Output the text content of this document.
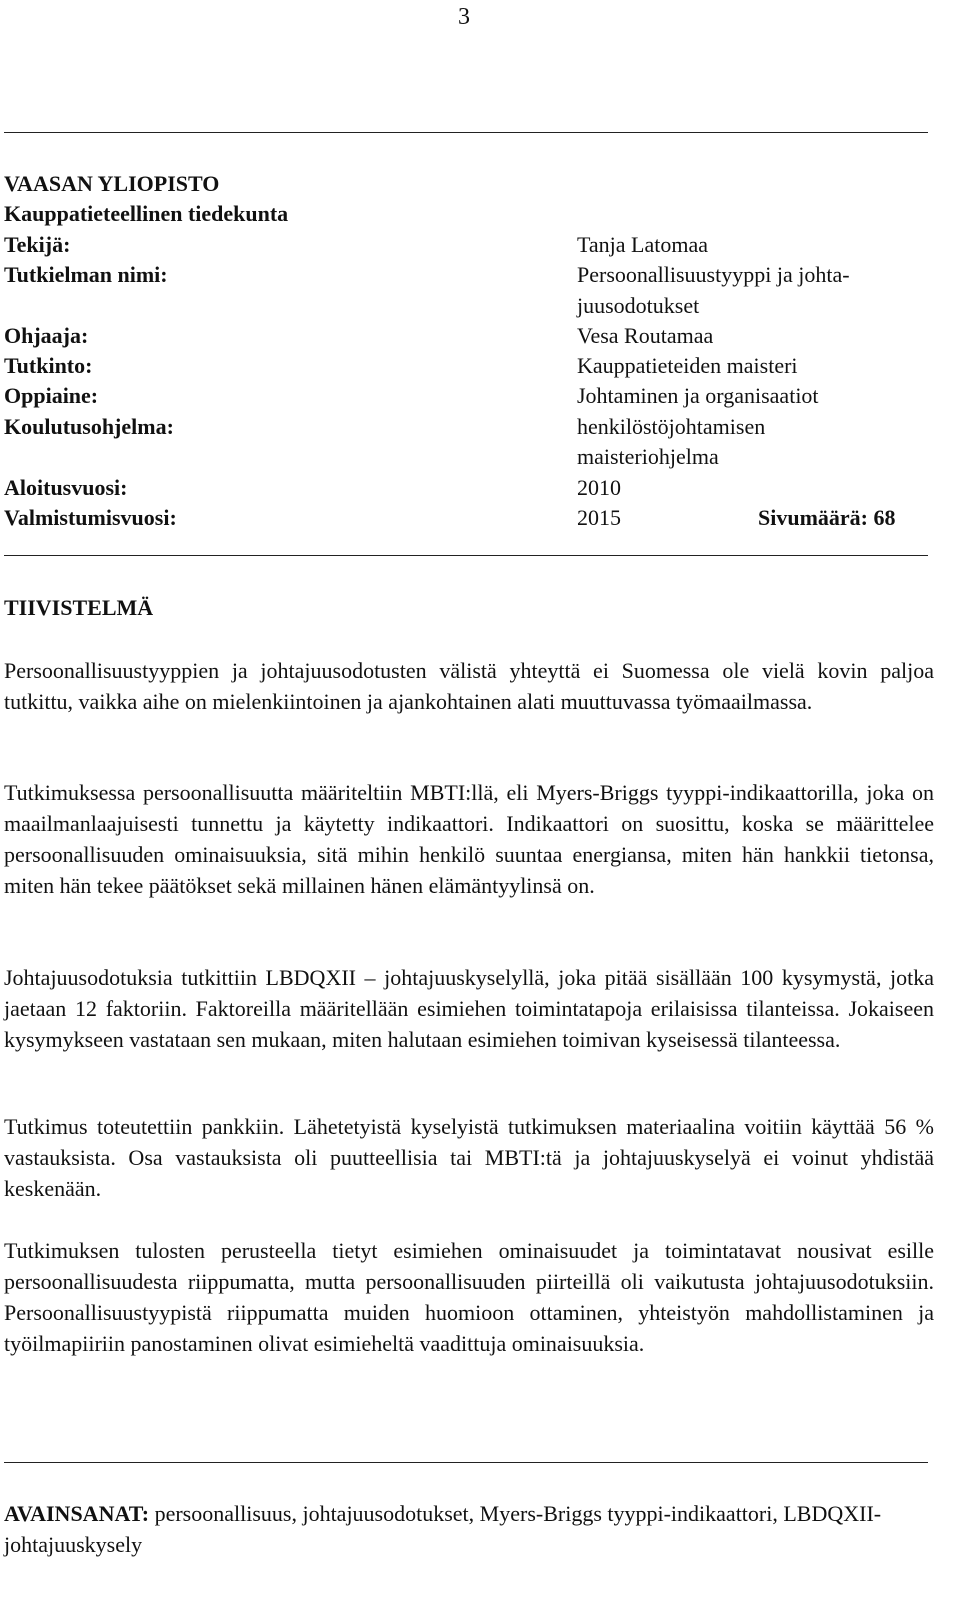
3
VAASAN YLIOPISTO
Kauppatieteellinen tiedekunta
Tekijä:	Tanja Latomaa
Tutkielman nimi:	Persoonallisuustyyppi ja johta-
juusodotukset
Ohjaaja:	Vesa Routamaa
Tutkinto:	Kauppatieteiden maisteri
Oppiaine:	Johtaminen ja organisaatiot
Koulutusohjelma:	henkilöstöjohtamisen
maisteriohjelma
Aloitusvuosi:	2010
Valmistumisvuosi:	2015	Sivumäärä: 68
TIIVISTELMÄ
Persoonallisuustyyppien ja johtajuusodotusten välistä yhteyttä ei Suomessa ole vielä kovin paljoa tutkittu, vaikka aihe on mielenkiintoinen ja ajankohtainen alati muuttuvassa työmaailmassa.
Tutkimuksessa persoonallisuutta määriteltiin MBTI:llä, eli Myers-Briggs tyyppi-indikaattorilla, joka on maailmanlaajuisesti tunnettu ja käytetty indikaattori. Indikaattori on suosittu, koska se määrittelee persoonallisuuden ominaisuuksia, sitä mihin henkilö suuntaa energiansa, miten hän hankkii tietonsa, miten hän tekee päätökset sekä millainen hänen elämäntyylinsä on.
Johtajuusodotuksia tutkittiin LBDQXII – johtajuuskyselyllä, joka pitää sisällään 100 kysymystä, jotka jaetaan 12 faktoriin. Faktoreilla määritellään esimiehen toimintatapoja erilaisissa tilanteissa. Jokaiseen kysymykseen vastataan sen mukaan, miten halutaan esimiehen toimivan kyseisessä tilanteessa.
Tutkimus toteutettiin pankkiin. Lähetetyistä kyselyistä tutkimuksen materiaalina voitiin käyttää 56 % vastauksista. Osa vastauksista oli puutteellisia tai MBTI:tä ja johtajuuskyselyä ei voinut yhdistää keskenään.
Tutkimuksen tulosten perusteella tietyt esimiehen ominaisuudet ja toimintatavat nousivat esille persoonallisuudesta riippumatta, mutta persoonallisuuden piirteillä oli vaikutusta johtajuusodotuksiin. Persoonallisuustyypistä riippumatta muiden huomioon ottaminen, yhteistyön mahdollistaminen ja työilmapiiriin panostaminen olivat esimieheltä vaadittuja ominaisuuksia.
AVAINSANAT: persoonallisuus, johtajuusodotukset, Myers-Briggs tyyppi-indikaattori, LBDQXII-johtajuuskysely
